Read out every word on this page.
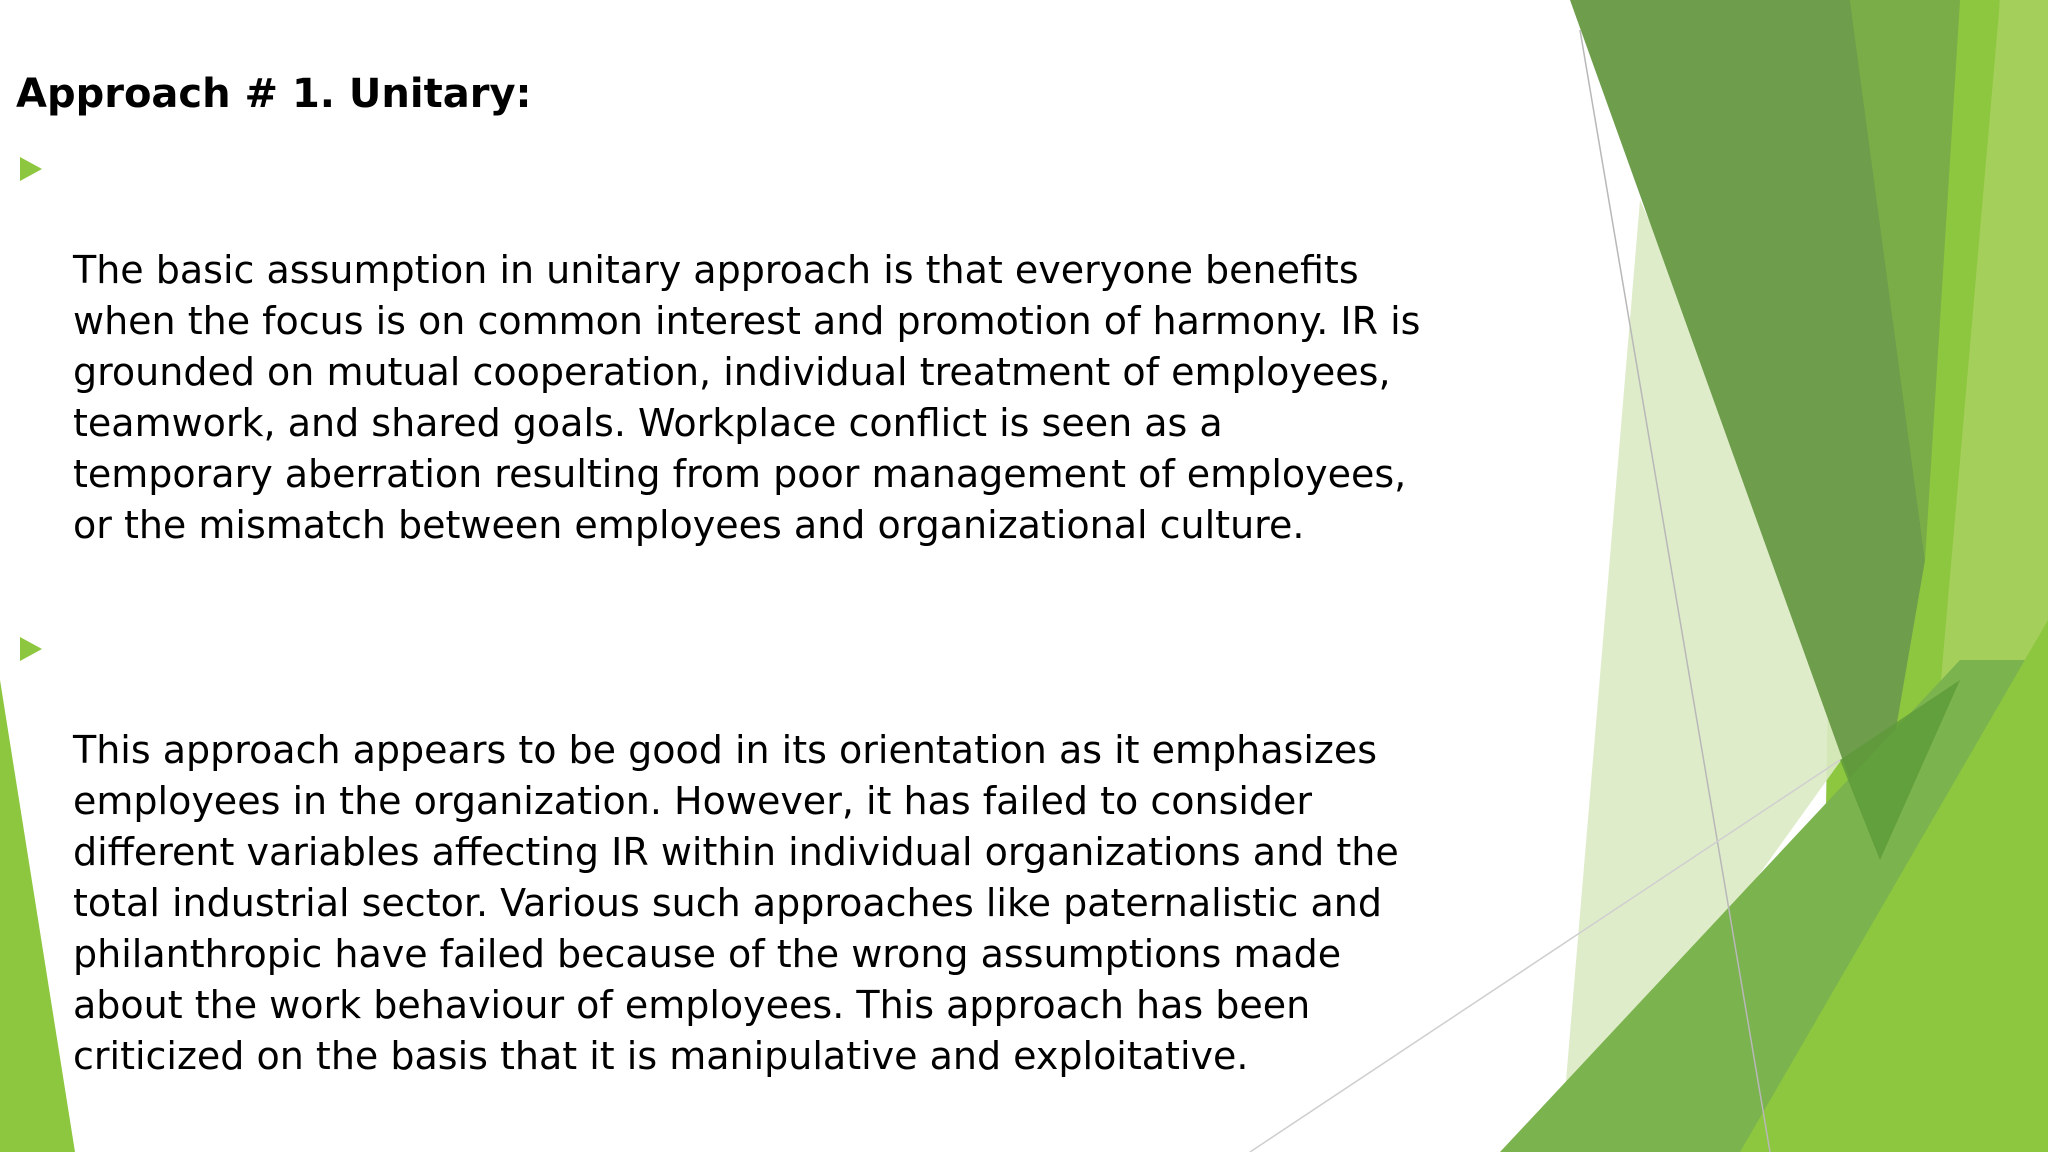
Approach # 1. Unitary:

The basic assumption in unitary approach is that everyone benefits
when the focus is on common interest and promotion of harmony. IR is
grounded on mutual cooperation, individual treatment of employees,
teamwork, and shared goals. Workplace conflict is seen as a
temporary aberration resulting from poor management of employees,
or the mismatch between employees and organizational culture.

This approach appears to be good in its orientation as it emphasizes
employees in the organization. However, it has failed to consider
different variables affecting IR within individual organizations and the
total industrial sector. Various such approaches like paternalistic and
philanthropic have failed because of the wrong assumptions made
about the work behaviour of employees. This approach has been
criticized on the basis that it is manipulative and exploitative.
